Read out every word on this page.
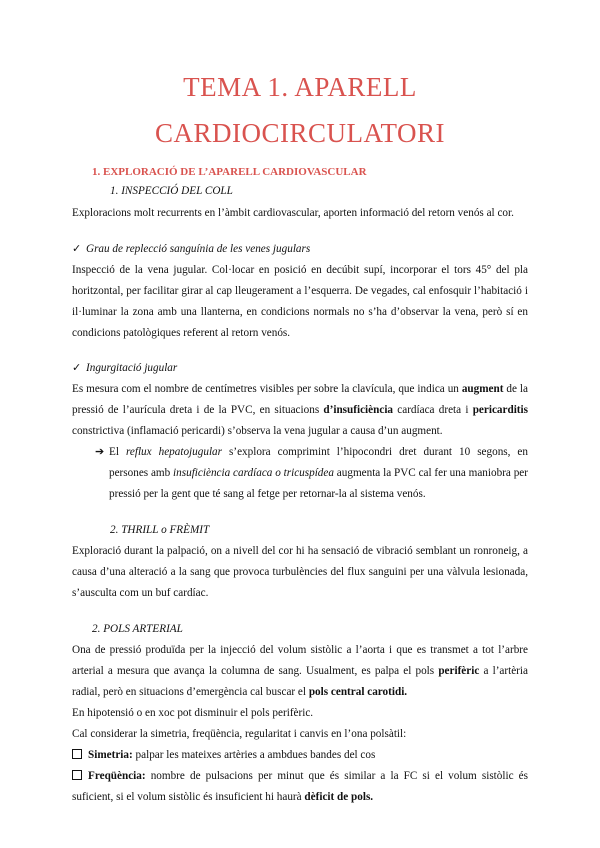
TEMA 1. APARELL
CARDIOCIRCULATORI
1. EXPLORACIÓ DE L’APARELL CARDIOVASCULAR
1. INSPECCIÓ DEL COLL
Exploracions molt recurrents en l’àmbit cardiovascular, aporten informació del retorn venós al cor.
✓ Grau de replecció sanguínia de les venes jugulars
Inspecció de la vena jugular. Col·locar en posició en decúbit supí, incorporar el tors 45° del pla
horitzontal, per facilitar girar al cap lleugerament a l’esquerra. De vegades, cal enfosquir l’habitació i
il·luminar la zona amb una llanterna, en condicions normals no s’ha d’observar la vena, però sí en
condicions patològiques referent al retorn venós.
✓ Ingurgitació jugular
Es mesura com el nombre de centímetres visibles per sobre la clavícula, que indica un augment de la
pressió de l’aurícula dreta i de la PVC, en situacions d’insuficiència cardíaca dreta i pericarditis
constrictiva (inflamació pericardi) s’observa la vena jugular a causa d’un augment.
➔ El reflux hepatojugular s’explora comprimint l’hipocondri dret durant 10 segons, en
persones amb insuficiència cardíaca o tricuspídea augmenta la PVC cal fer una maniobra per
pressió per la gent que té sang al fetge per retornar-la al sistema venós.
2. THRILL o FRÈMIT
Exploració durant la palpació, on a nivell del cor hi ha sensació de vibració semblant un ronroneig, a
causa d’una alteració a la sang que provoca turbulències del flux sanguini per una vàlvula lesionada,
s’ausculta com un buf cardíac.
2. POLS ARTERIAL
Ona de pressió produïda per la injecció del volum sistòlic a l’aorta i que es transmet a tot l’arbre
arterial a mesura que avança la columna de sang. Usualment, es palpa el pols perifèric a l’artèria
radial, però en situacions d’emergència cal buscar el pols central carotidi.
En hipotensió o en xoc pot disminuir el pols perifèric.
Cal considerar la simetria, freqüència, regularitat i canvis en l’ona polsàtil:
Simetria: palpar les mateixes artèries a ambdues bandes del cos
Freqüència: nombre de pulsacions per minut que és similar a la FC si el volum sistòlic és
suficient, si el volum sistòlic és insuficient hi haurà dèficit de pols.
